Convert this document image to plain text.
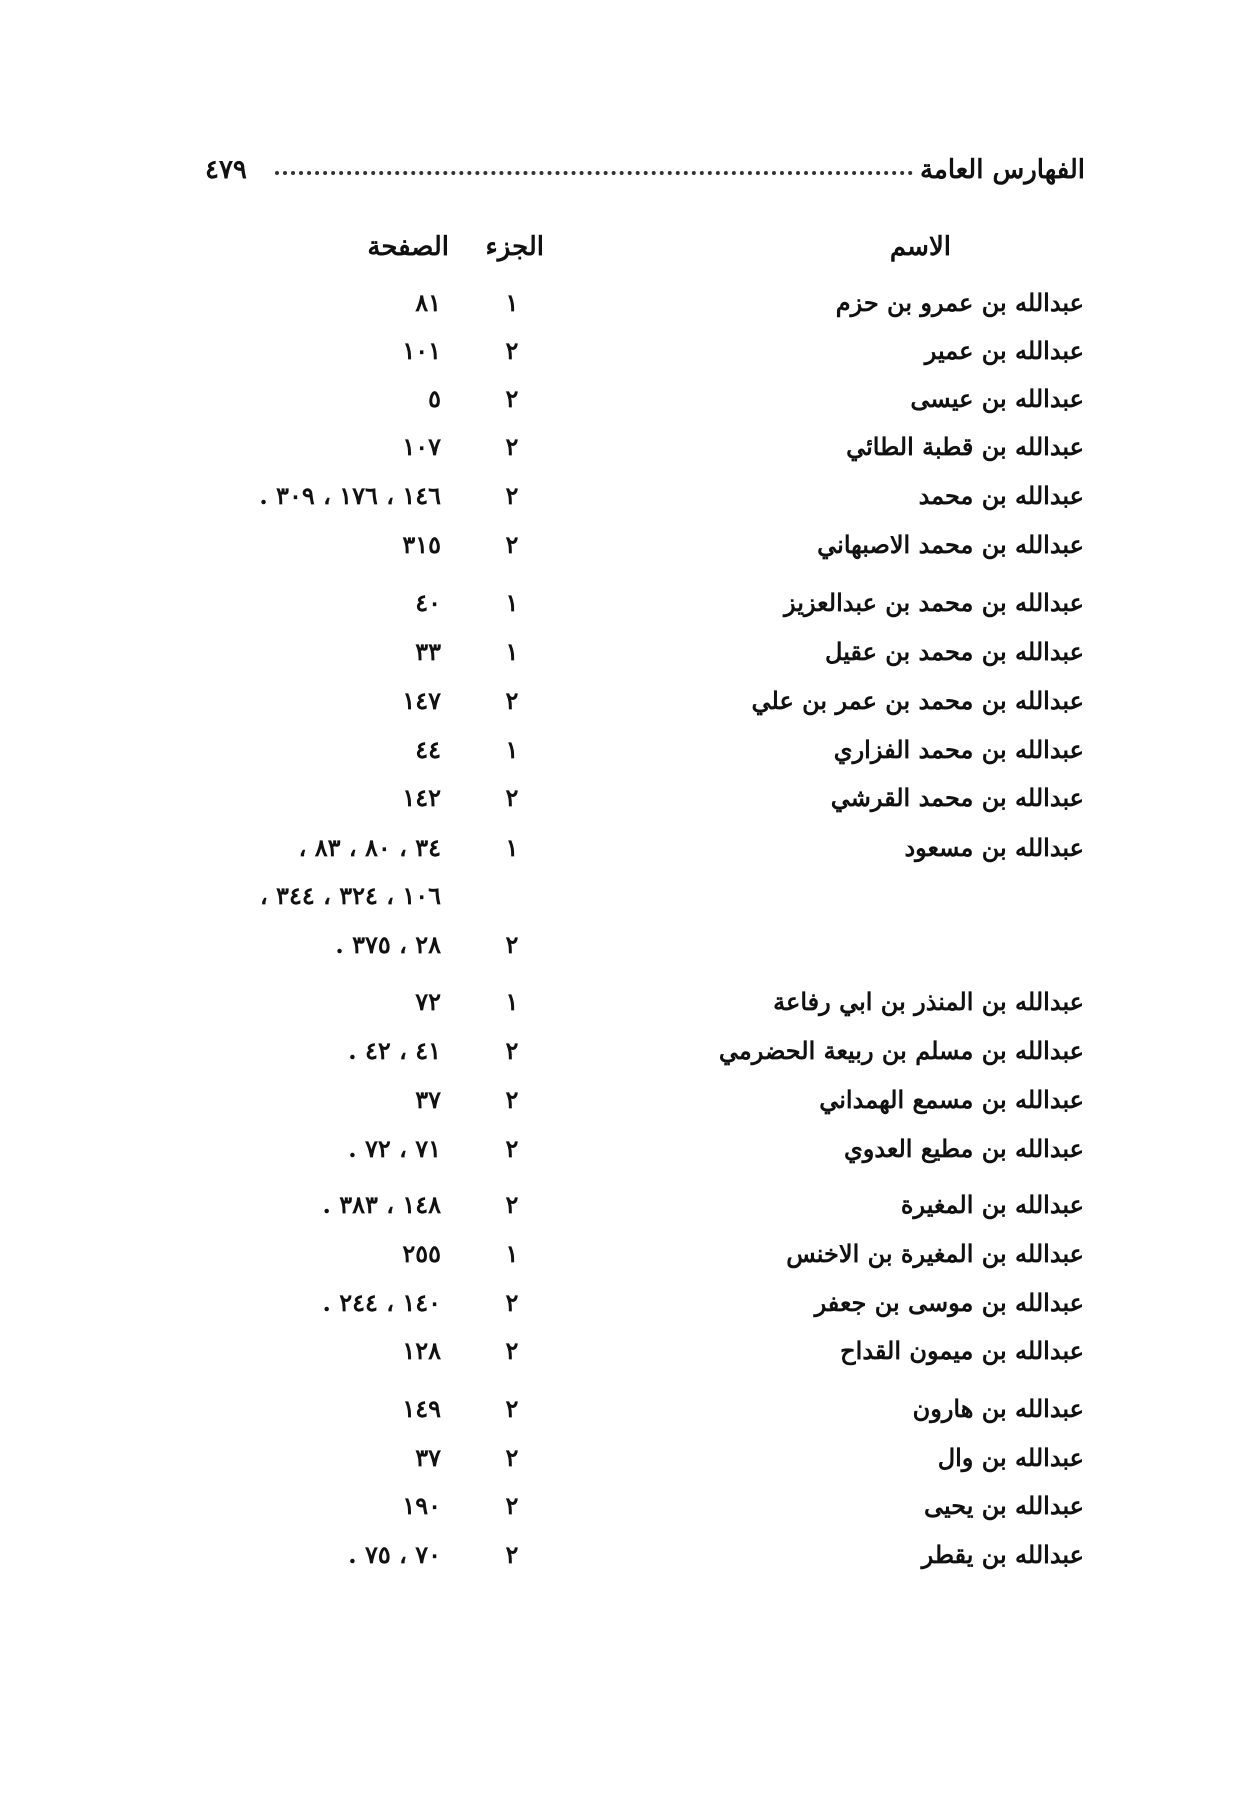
الفهارس العامة
٤٧٩
الاسم
الجزء
الصفحة
عبدالله بن عمرو بن حزم
١
٨١
عبدالله بن عمير
٢
١٠١
عبدالله بن عيسى
٢
٥
عبدالله بن قطبة الطائي
٢
١٠٧
عبدالله بن محمد
٢
١٤٦ ، ١٧٦ ، ٣٠٩ .
عبدالله بن محمد الاصبهاني
٢
٣١٥
عبدالله بن محمد بن عبدالعزيز
١
٤٠
عبدالله بن محمد بن عقيل
١
٣٣
عبدالله بن محمد بن عمر بن علي
٢
١٤٧
عبدالله بن محمد الفزاري
١
٤٤
عبدالله بن محمد القرشي
٢
١٤٢
عبدالله بن مسعود
١
٣٤ ، ٨٠ ، ٨٣ ،
١٠٦ ، ٣٢٤ ، ٣٤٤ ،
٢
٢٨ ، ٣٧٥ .
عبدالله بن المنذر بن ابي رفاعة
١
٧٢
عبدالله بن مسلم بن ربيعة الحضرمي
٢
٤١ ، ٤٢ .
عبدالله بن مسمع الهمداني
٢
٣٧
عبدالله بن مطيع العدوي
٢
٧١ ، ٧٢ .
عبدالله بن المغيرة
٢
١٤٨ ، ٣٨٣ .
عبدالله بن المغيرة بن الاخنس
١
٢٥٥
عبدالله بن موسى بن جعفر
٢
١٤٠ ، ٢٤٤ .
عبدالله بن ميمون القداح
٢
١٢٨
عبدالله بن هارون
٢
١٤٩
عبدالله بن وال
٢
٣٧
عبدالله بن يحيى
٢
١٩٠
عبدالله بن يقطر
٢
٧٠ ، ٧٥ .
